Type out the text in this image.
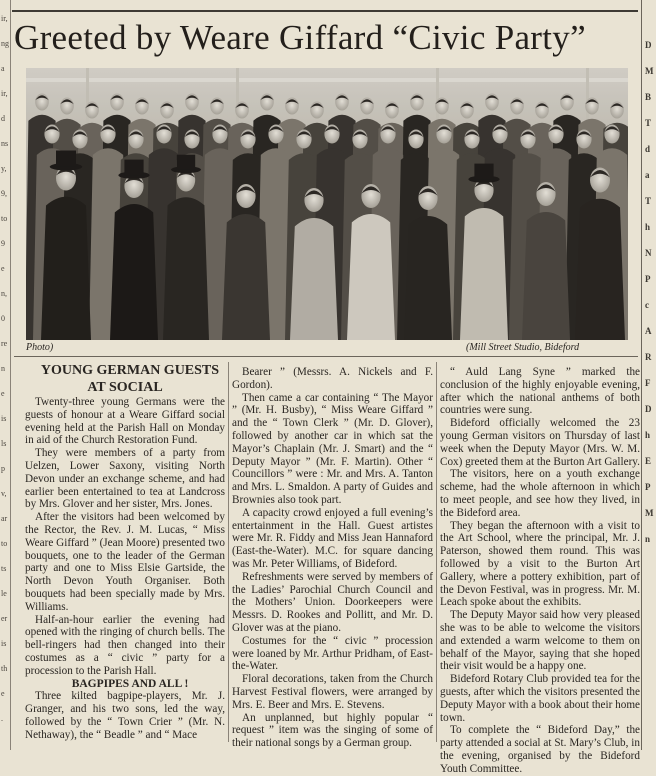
ir,
ng
a
ir,
d
ns
y,
9,
to
9
e
n,
0
re
n
e
is
ls
p
v,
ar
to
ts
le
er
is
th
e
.
D
M
B
T
d
a
T
h
N
P
c
A
R
F
D
h
E
P
M
n
Greeted by Weare Giffard “Civic Party”
Photo)	(Mill Street Studio, Bideford

YOUNG GERMAN GUESTS AT SOCIAL

Twenty-three young Germans were the guests of honour at a Weare Giffard social evening held at the Parish Hall on Monday in aid of the Church Restoration Fund.

They were members of a party from Uelzen, Lower Saxony, visiting North Devon under an exchange scheme, and had earlier been entertained to tea at Landcross by Mrs. Glover and her sister, Mrs. Jones.

After the visitors had been welcomed by the Rector, the Rev. J. M. Lucas, “ Miss Weare Giffard ” (Jean Moore) presented two bouquets, one to the leader of the German party and one to Miss Elsie Gartside, the North Devon Youth Organiser. Both bouquets had been specially made by Mrs. Williams.

Half-an-hour earlier the evening had opened with the ringing of church bells. The bell-ringers had then changed into their costumes as a “ civic ” party for a procession to the Parish Hall.

BAGPIPES AND ALL !

Three kilted bagpipe-players, Mr. J. Granger, and his two sons, led the way, followed by the “ Town Crier ” (Mr. N. Nethaway), the “ Beadle ” and “ Mace

Bearer ” (Messrs. A. Nickels and F. Gordon).

Then came a car containing “ The Mayor ” (Mr. H. Busby), “ Miss Weare Giffard ” and the “ Town Clerk ” (Mr. D. Glover), followed by another car in which sat the Mayor’s Chaplain (Mr. J. Smart) and the “ Deputy Mayor ” (Mr. F. Martin). Other “ Councillors ” were : Mr. and Mrs. A. Tanton and Mrs. L. Smaldon. A party of Guides and Brownies also took part.

A capacity crowd enjoyed a full evening’s entertainment in the Hall. Guest artistes were Mr. R. Fiddy and Miss Jean Hannaford (East-the-Water). M.C. for square dancing was Mr. Peter Williams, of Bideford.

Refreshments were served by members of the Ladies’ Parochial Church Council and the Mothers’ Union. Doorkeepers were Messrs. D. Rookes and Pollitt, and Mr. D. Glover was at the piano.

Costumes for the “ civic ” procession were loaned by Mr. Arthur Pridham, of East-the-Water.

Floral decorations, taken from the Church Harvest Festival flowers, were arranged by Mrs. E. Beer and Mrs. E. Stevens.

An unplanned, but highly popular “ request ” item was the singing of some of their national songs by a German group.

“ Auld Lang Syne ” marked the conclusion of the highly enjoyable evening, after which the national anthems of both countries were sung.

Bideford officially welcomed the 23 young German visitors on Thursday of last week when the Deputy Mayor (Mrs. W. M. Cox) greeted them at the Burton Art Gallery.

The visitors, here on a youth exchange scheme, had the whole afternoon in which to meet people, and see how they lived, in the Bideford area.

They began the afternoon with a visit to the Art School, where the principal, Mr. J. Paterson, showed them round. This was followed by a visit to the Burton Art Gallery, where a pottery exhibition, part of the Devon Festival, was in progress. Mr. M. Leach spoke about the exhibits.

The Deputy Mayor said how very pleased she was to be able to welcome the visitors and extended a warm welcome to them on behalf of the Mayor, saying that she hoped their visit would be a happy one.

Bideford Rotary Club provided tea for the guests, after which the visitors presented the Deputy Mayor with a book about their home town.

To complete the “ Bideford Day,” the party attended a social at St. Mary’s Club, in the evening, organised by the Bideford Youth Committee.
